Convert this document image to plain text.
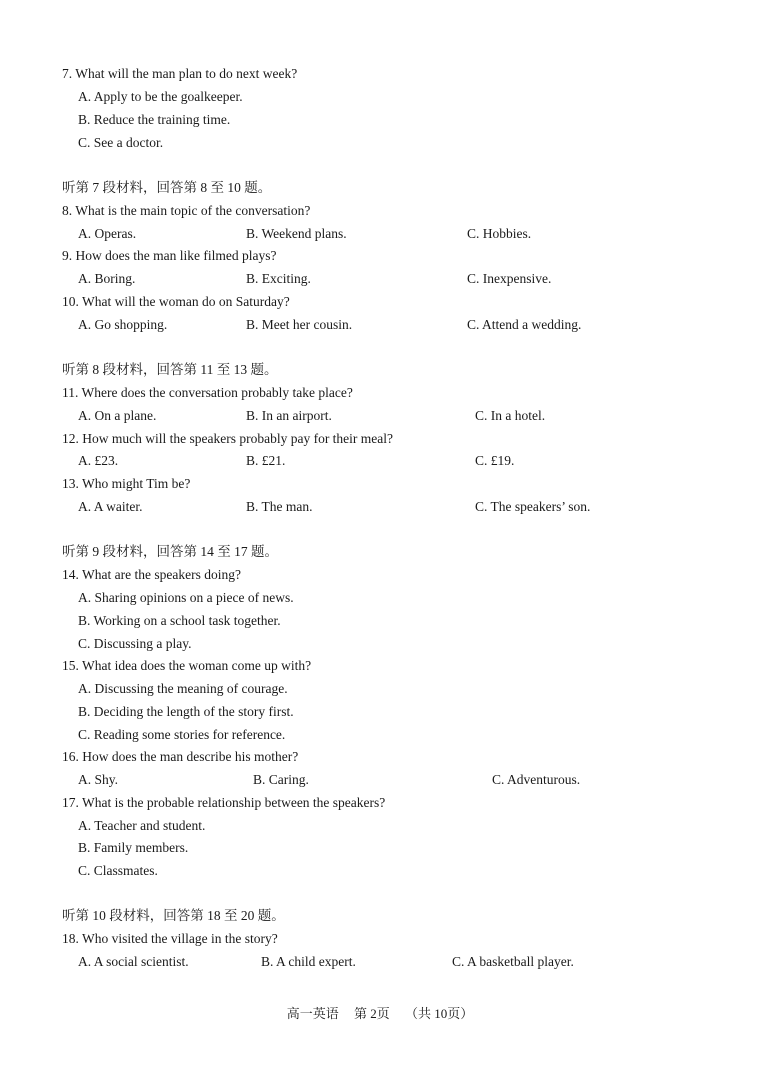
7. What will the man plan to do next week?
A. Apply to be the goalkeeper.
B. Reduce the training time.
C. See a doctor.
听第 7 段材料，回答第 8 至 10 题。
8. What is the main topic of the conversation?
A. Operas.	B. Weekend plans.	C. Hobbies.
9. How does the man like filmed plays?
A. Boring.	B. Exciting.	C. Inexpensive.
10. What will the woman do on Saturday?
A. Go shopping.	B. Meet her cousin.	C. Attend a wedding.
听第 8 段材料，回答第 11 至 13 题。
11. Where does the conversation probably take place?
A. On a plane.	B. In an airport.	C. In a hotel.
12. How much will the speakers probably pay for their meal?
A. £23.	B. £21.	C. £19.
13. Who might Tim be?
A. A waiter.	B. The man.	C. The speakers’ son.
听第 9 段材料，回答第 14 至 17 题。
14. What are the speakers doing?
A. Sharing opinions on a piece of news.
B. Working on a school task together.
C. Discussing a play.
15. What idea does the woman come up with?
A. Discussing the meaning of courage.
B. Deciding the length of the story first.
C. Reading some stories for reference.
16. How does the man describe his mother?
A. Shy.	B. Caring.	C. Adventurous.
17. What is the probable relationship between the speakers?
A. Teacher and student.
B. Family members.
C. Classmates.
听第 10 段材料，回答第 18 至 20 题。
18. Who visited the village in the story?
A. A social scientist.	B. A child expert.	C. A basketball player.
高一英语 第 2页 （共 10页）
